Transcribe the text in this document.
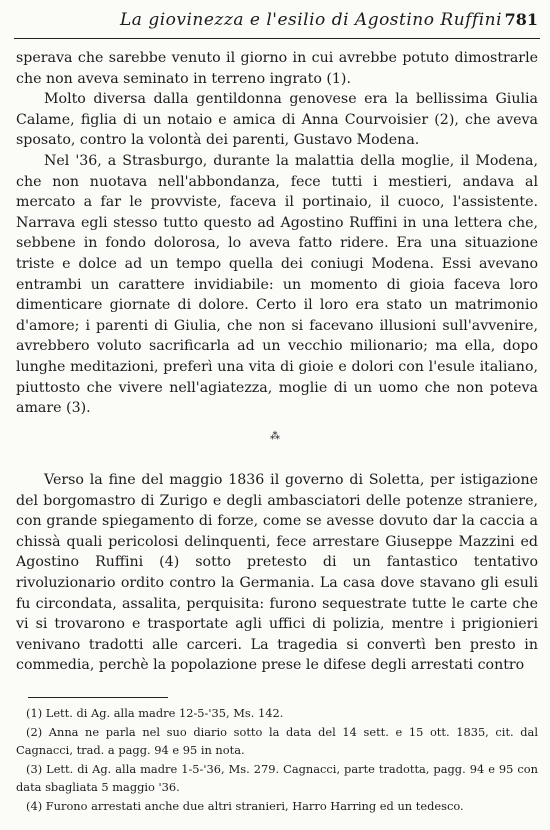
La giovinezza e l'esilio di Agostino Ruffini 781

sperava che sarebbe venuto il giorno in cui avrebbe potuto dimostrarle che non aveva seminato in terreno ingrato (1).

Molto diversa dalla gentildonna genovese era la bellissima Giulia Calame, figlia di un notaio e amica di Anna Courvoisier (2), che aveva sposato, contro la volontà dei parenti, Gustavo Modena.

Nel '36, a Strasburgo, durante la malattia della moglie, il Modena, che non nuotava nell'abbondanza, fece tutti i mestieri, andava al mercato a far le provviste, faceva il portinaio, il cuoco, l'assistente. Narrava egli stesso tutto questo ad Agostino Ruffini in una lettera che, sebbene in fondo dolorosa, lo aveva fatto ridere. Era una situazione triste e dolce ad un tempo quella dei coniugi Modena. Essi avevano entrambi un carattere invidiabile: un momento di gioia faceva loro dimenticare giornate di dolore. Certo il loro era stato un matrimonio d'amore; i parenti di Giulia, che non si facevano illusioni sull'avvenire, avrebbero voluto sacrificarla ad un vecchio milionario; ma ella, dopo lunghe meditazioni, preferì una vita di gioie e dolori con l'esule italiano, piuttosto che vivere nell'agiatezza, moglie di un uomo che non poteva amare (3).

⁂

Verso la fine del maggio 1836 il governo di Soletta, per istigazione del borgomastro di Zurigo e degli ambasciatori delle potenze straniere, con grande spiegamento di forze, come se avesse dovuto dar la caccia a chissà quali pericolosi delinquenti, fece arrestare Giuseppe Mazzini ed Agostino Ruffini (4) sotto pretesto di un fantastico tentativo rivoluzionario ordito contro la Germania. La casa dove stavano gli esuli fu circondata, assalita, perquisita: furono sequestrate tutte le carte che vi si trovarono e trasportate agli uffici di polizia, mentre i prigionieri venivano tradotti alle carceri. La tragedia si convertì ben presto in commedia, perchè la popolazione prese le difese degli arrestati contro

(1) Lett. di Ag. alla madre 12-5-'35, Ms. 142.

(2) Anna ne parla nel suo diario sotto la data del 14 sett. e 15 ott. 1835, cit. dal Cagnacci, trad. a pagg. 94 e 95 in nota.

(3) Lett. di Ag. alla madre 1-5-'36, Ms. 279. Cagnacci, parte tradotta, pagg. 94 e 95 con data sbagliata 5 maggio '36.

(4) Furono arrestati anche due altri stranieri, Harro Harring ed un tedesco.
